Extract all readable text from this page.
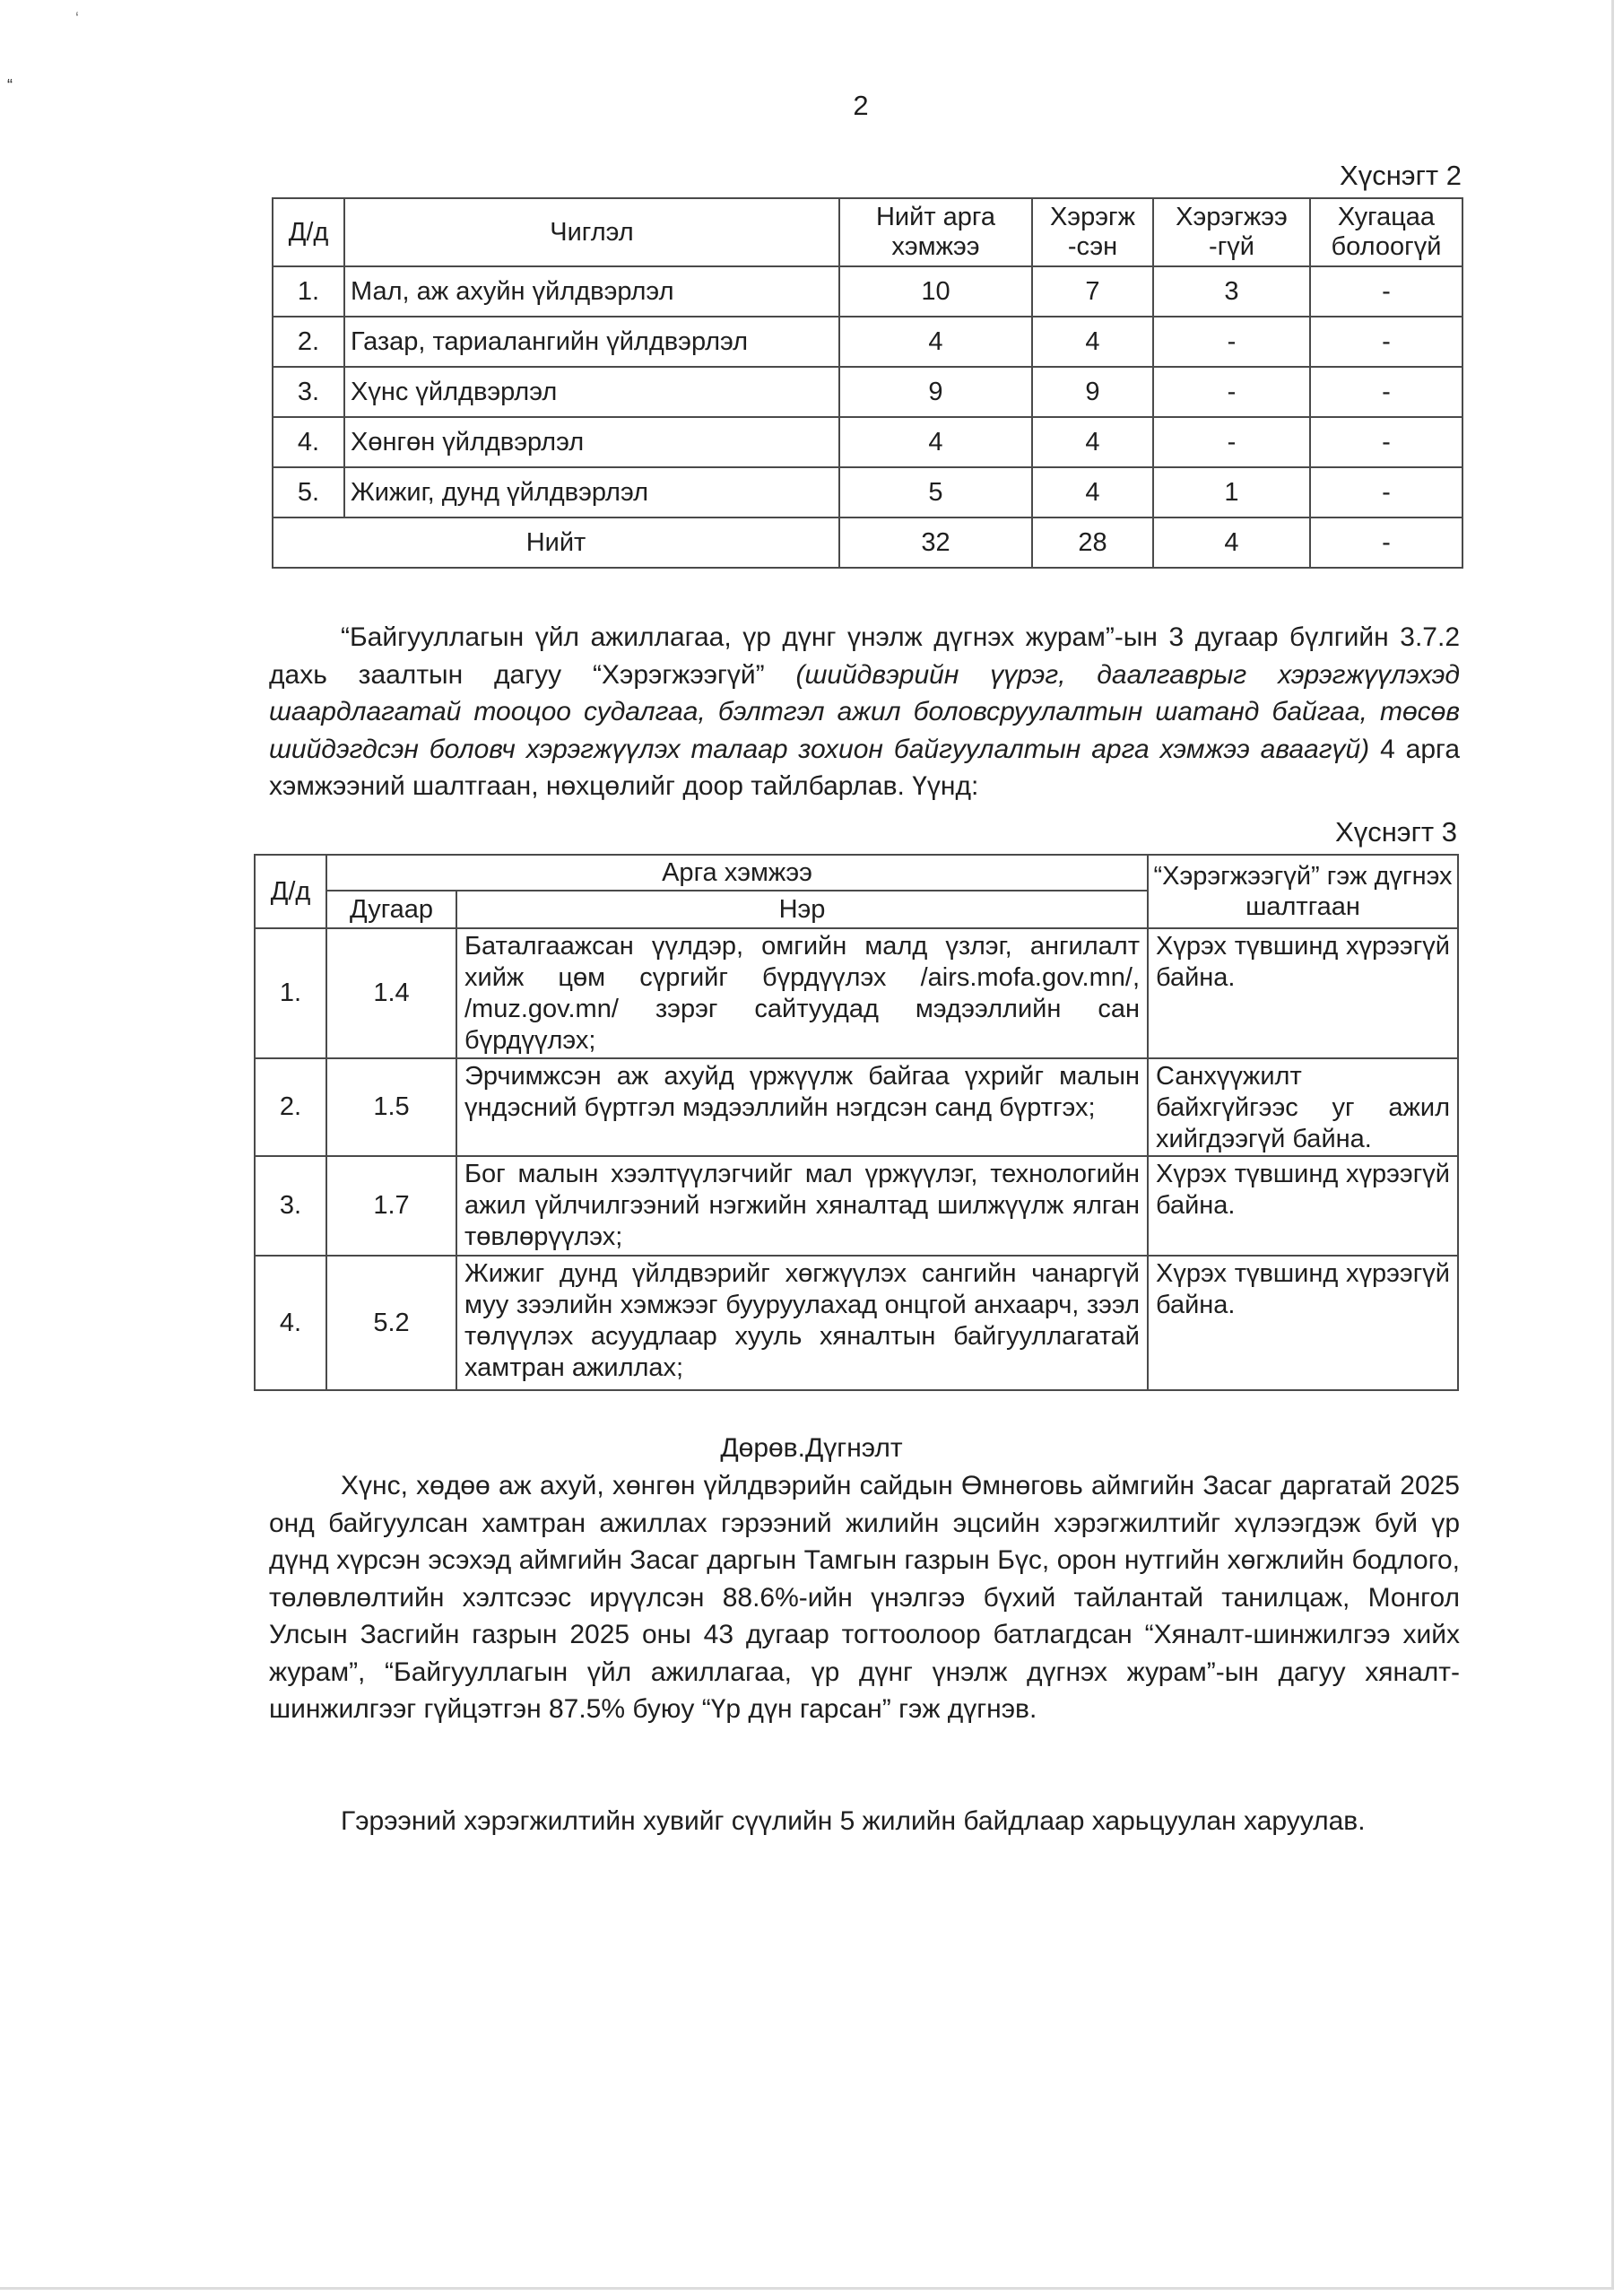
ʻ
“
2
Хүснэгт 2
Д/д	Чиглэл	Нийт арга хэмжээ	Хэрэгж -сэн	Хэрэгжээ -гүй	Хугацаа болоогүй
1.	Мал, аж ахуйн үйлдвэрлэл	10	7	3	-
2.	Газар, тариалангийн үйлдвэрлэл	4	4	-	-
3.	Хүнс үйлдвэрлэл	9	9	-	-
4.	Хөнгөн үйлдвэрлэл	4	4	-	-
5.	Жижиг, дунд үйлдвэрлэл	5	4	1	-
Нийт		32	28	4	-

“Байгууллагын үйл ажиллагаа, үр дүнг үнэлж дүгнэх журам”-ын 3 дугаар бүлгийн 3.7.2 дахь заалтын дагуу “Хэрэгжээгүй” (шийдвэрийн үүрэг, даалгаврыг хэрэгжүүлэхэд шаардлагатай тооцоо судалгаа, бэлтгэл ажил боловсруулалтын шатанд байгаа, төсөв шийдэгдсэн боловч хэрэгжүүлэх талаар зохион байгуулалтын арга хэмжээ аваагүй) 4 арга хэмжээний шалтгаан, нөхцөлийг доор тайлбарлав. Үүнд:

Хүснэгт 3
Д/д	Арга хэмжээ		“Хэрэгжээгүй” гэж дүгнэх шалтгаан
	Дугаар	Нэр	
1.	1.4	Баталгаажсан үүлдэр, омгийн малд үзлэг, ангилалт хийж цөм сүргийг бүрдүүлэх /airs.mofa.gov.mn/, /muz.gov.mn/ зэрэг сайтуудад мэдээллийн сан бүрдүүлэх;	Хүрэх түвшинд хүрээгүй байна.
2.	1.5	Эрчимжсэн аж ахуйд үржүүлж байгаа үхрийг малын үндэсний бүртгэл мэдээллийн нэгдсэн санд бүртгэх;	Санхүүжилт байхгүйгээс уг ажил хийгдээгүй байна.
3.	1.7	Бог малын хээлтүүлэгчийг мал үржүүлэг, технологийн ажил үйлчилгээний нэгжийн хяналтад шилжүүлж ялган төвлөрүүлэх;	Хүрэх түвшинд хүрээгүй байна.
4.	5.2	Жижиг дунд үйлдвэрийг хөгжүүлэх сангийн чанаргүй муу зээлийн хэмжээг бууруулахад онцгой анхаарч, зээл төлүүлэх асуудлаар хууль хяналтын байгууллагатай хамтран ажиллах;	Хүрэх түвшинд хүрээгүй байна.
Дөрөв.Дүгнэлт

Хүнс, хөдөө аж ахуй, хөнгөн үйлдвэрийн сайдын Өмнөговь аймгийн Засаг даргатай 2025 онд байгуулсан хамтран ажиллах гэрээний жилийн эцсийн хэрэгжилтийг хүлээгдэж буй үр дүнд хүрсэн эсэхэд аймгийн Засаг даргын Тамгын газрын Бүс, орон нутгийн хөгжлийн бодлого, төлөвлөлтийн хэлтсээс ирүүлсэн 88.6%-ийн үнэлгээ бүхий тайлантай танилцаж, Монгол Улсын Засгийн газрын 2025 оны 43 дугаар тогтоолоор батлагдсан “Хяналт-шинжилгээ хийх журам”, “Байгууллагын үйл ажиллагаа, үр дүнг үнэлж дүгнэх журам”-ын дагуу хяналт-шинжилгээг гүйцэтгэн 87.5% буюу “Үр дүн гарсан” гэж дүгнэв.

Гэрээний хэрэгжилтийн хувийг сүүлийн 5 жилийн байдлаар харьцуулан харуулав.
